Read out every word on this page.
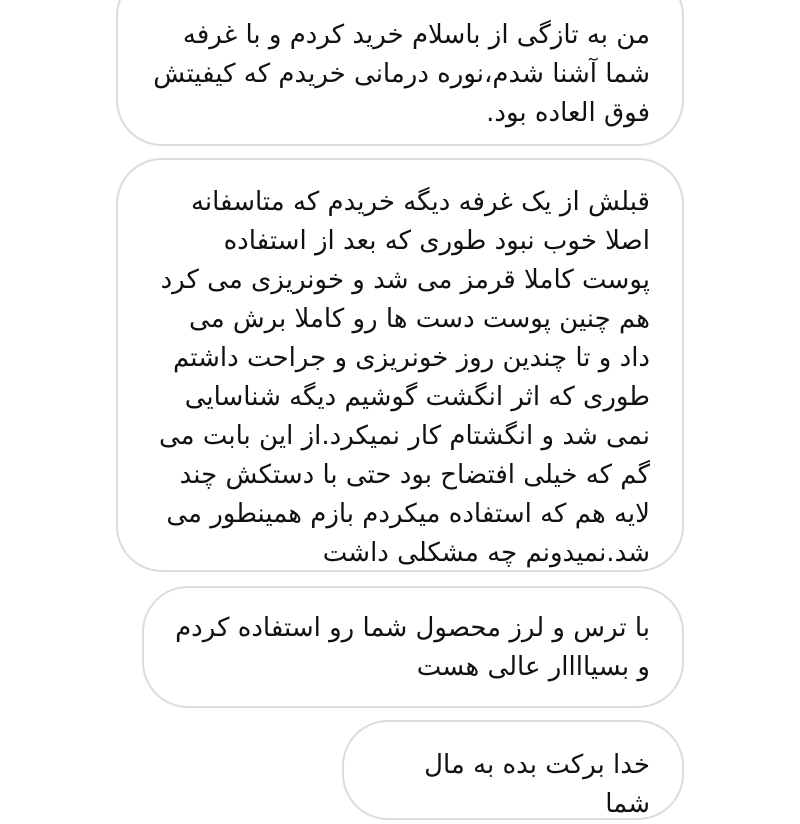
من به تازگی از باسلام خرید کردم و با غرفه
شما آشنا شدم،نوره درمانی خریدم که کیفیتش
فوق العاده بود.
قبلش از یک غرفه دیگه خریدم که متاسفانه
اصلا خوب نبود طوری که بعد از استفاده
پوست کاملا قرمز می شد و خونریزی می کرد
هم چنین پوست دست ها رو کاملا برش می
داد و تا چندین روز خونریزی و جراحت داشتم
طوری که اثر انگشت گوشیم دیگه شناسایی
نمی شد و انگشتام کار نمیکرد.از این بابت می
گم که خیلی افتضاح بود حتی با دستکش چند
لایه هم که استفاده میکردم بازم همینطور می
شد.نمیدونم چه مشکلی داشت
با ترس و لرز محصول شما رو استفاده کردم
و بسیاااار عالی هست
خدا برکت بده به مال شما
